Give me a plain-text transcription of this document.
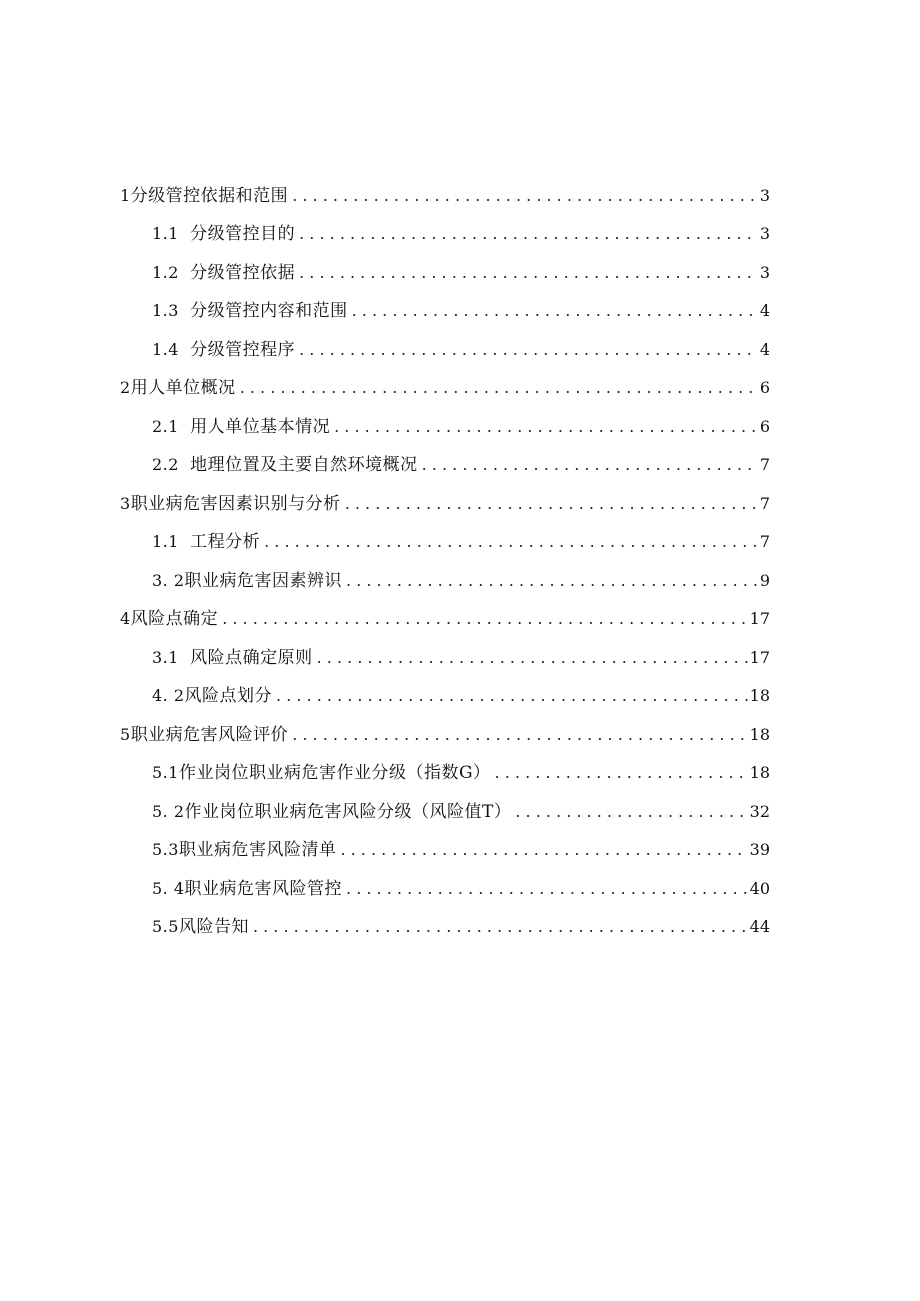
1 分级管控依据和范围 . . .	3
1.1 分级管控目的 . . .	3
1.2 分级管控依据 . . .	3
1.3 分级管控内容和范围 . . .	4
1.4 分级管控程序 . . .	4
2 用人单位概况 . . .	6
2.1 用人单位基本情况 . . .	6
2.2 地理位置及主要自然环境概况 . . .	7
3 职业病危害因素识别与分析 . . .	7
1.1 工程分析 . . .	7
3. 2 职业病危害因素辨识 . . .	9
4 风险点确定 . . .	17
3.1 风险点确定原则 . . .	17
4. 2 风险点划分 . . .	18
5 职业病危害风险评价 . . .	18
5.1 作业岗位职业病危害作业分级（指数G） . . .	18
5. 2 作业岗位职业病危害风险分级（风险值T） . . .	32
5.3 职业病危害风险清单 . . .	39
5. 4 职业病危害风险管控 . . .	40
5.5 风险告知 . . .	44
